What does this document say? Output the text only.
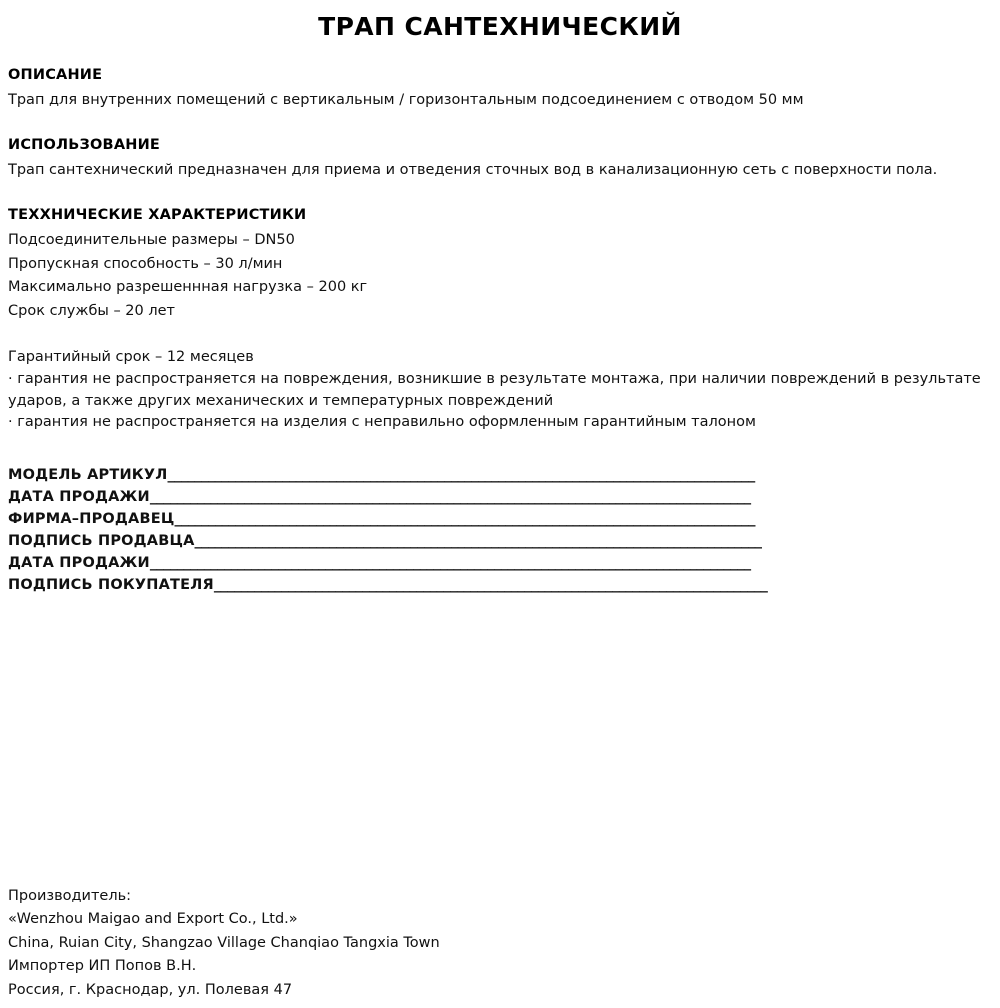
ТРАП САНТЕХНИЧЕСКИЙ
ОПИСАНИЕ

Трап для внутренних помещений с вертикальным / горизонтальным подсоединением с отводом 50 мм

ИСПОЛЬЗОВАНИЕ

Трап сантехнический предназначен для приема и отведения сточных вод в канализационную сеть с поверхности пола.

ТЕХХНИЧЕСКИЕ ХАРАКТЕРИСТИКИ

Подсоединительные размеры – DN50

Пропускная способность – 30 л/мин

Максимально разрешеннная нагрузка – 200 кг

Срок службы – 20 лет

Гарантийный срок – 12 месяцев

· гарантия не распространяется на повреждения, возникшие в результате монтажа, при наличии повреждений в результате

ударов, а также других механических и температурных повреждений

· гарантия не распространяется на изделия с неправильно оформленным гарантийным талоном

МОДЕЛЬ АРТИКУЛ_______________________________________________________________________________________
ДАТА ПРОДАЖИ_________________________________________________________________________________________
ФИРМА–ПРОДАВЕЦ______________________________________________________________________________________
ПОДПИСЬ ПРОДАВЦА____________________________________________________________________________________
ДАТА ПРОДАЖИ_________________________________________________________________________________________
ПОДПИСЬ ПОКУПАТЕЛЯ__________________________________________________________________________________

Производитель:

«Wenzhou Maigao and Export Co., Ltd.»

China, Ruian City, Shangzao Village Chanqiao Tangxia Town

Импортер ИП Попов В.Н.

Россия, г. Краснодар, ул. Полевая 47
